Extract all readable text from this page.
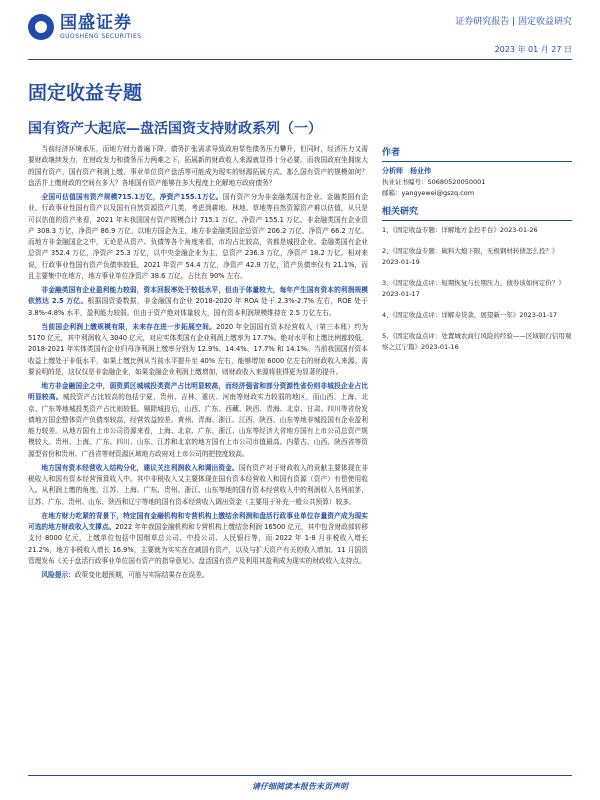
国盛证券
GUOSHENG SECURITIES
证券研究报告 | 固定收益研究
2023 年 01 月 27 日
固定收益专题
国有资产大起底—盘活国资支持财政系列（一）

当前经济环境承压，而地方财力普遍下降，债务扩张需求导致政府显性债务压力攀升，但同时，经济压力又需要财政继续发力，在财政发力和债务压力两难之下，拓展新的财政收入来源就显得十分必要。而我国政府坐拥庞大的国有资产，国有资产利润上缴、事业单位资产盘活等可能成为现实的财源拓展方式。那么国有资产的规模如何？盘活并上缴财政的空间有多大？各地国有资产能够在多大程度上化解地方政府债务？

全国可估值国有资产规模715.1万亿，净资产155.1万亿。国有资产分为非金融类国有企业、金融类国有企业、行政事业性国有资产以及国有自然资源资产几类，考虑到耕地、林地、草地等自然资源资产难以估值，从只是可以估值的资产来看，2021 年末我国国有资产规模合计 715.1 万亿，净资产 155.1 万亿。非金融类国有企业资产 308.3 万亿，净资产 86.9 万亿，以地方国企为主，地方非金融类国企总资产 206.2 万亿，净资产 66.2 万亿。而地方非金融国企之中，无论是从资产、负债等各个角度来看，市均占比较高，省都是城投企业。金融类国有企业总资产 352.4 万亿，净资产 25.3 万亿，以中央金融企业为主，总资产 236.3 万亿，净资产 18.2 万亿。相对来说，行政事业性国有资产负债率较低，2021 年资产 54.4 万亿，净资产 42.9 万亿，资产负债率仅有 21.1%，而且主要集中在地方，地方事业单位净资产 38.6 万亿，占比在 90% 左右。

非金融类国有企业盈利能力较弱，资本回报率处于较低水平，但由于体量较大，每年产生国有资本的利润规模依然达 2.5 万亿。根据国资委数据，非金融国有企业 2018-2020 年 ROA 处于 2.3%-2.7% 左右，ROE 处于 3.8%-4.8% 水平，盈利能力较弱。但由于资产绝对体量较大，国有资本利润规模维持在 2.5 万亿左右。

当前国企利润上缴规模有限，未来存在进一步拓展空间。2020 年全国国有资本经营收入（第三本账）约为 5170 亿元，其中利润收入 3040 亿元，对应实体类国有企业利润上缴率为 17.7%。绝对水平和上缴比例都较低。2018-2021 年实体类国有企业归母净利润上缴率分别为 12.9%、14.4%、17.7% 和 14.1%。当前我国国有资本收益上缴处于非低水平，如果上缴比例从当前水平提升至 40% 左右，能够增加 6000 亿左右的财政收入来源。需要说明的是，这仅仅是非金融企业，如果金融企业利润上缴增加，则财政收入来源将获得更为显著的提升。

地方非金融国企之中，弱资质区城城投类资产占比明显较高，而经济强省和部分资源性省份则非城投企业占比明显较高。城投资产占比较高的包括宁夏、贵州、吉林、重庆、河南等财政实力较弱的地区，而山西、上海、北京、广东等地城投类资产占比则较低。剔除城投后，山西、广东、西藏、陕西、青海、北京、甘肃、四川等省份发债地方国企整体资产负债率较高，经营效益较差。黄州、青海、浙江、江西、陕西、山东等地非城投国有企业盈利能力较差。从地方国有上市公司资源来看，上海、北京、广东、浙江、山东等经济大省地方国有上市公司总资产规模较大。贵州、上海、广东、四川、山东、江苏和北京的地方国有上市公司市值最高。内蒙古、山西、陕西省等资源型省份和贵州、广西省等财资源区域地方政府对上市公司的把控度较高。

地方国有资本经营收入结构分化，建议关注利润收入和调出资金。国有资产对于财政收入的贡献主要体现在非税收入和国有资本经营预算收入中。其中非税收入又主要体现在国有资本经营收入和国有资源（资产）有偿使用收入。从利润上缴的角度，江苏、上海、广东、贵州、浙江、山东等地的国有资本经营收入中的利润收入名列前茅，江苏、广东、贵州、山东、陕西和辽宁等地的国有资本经营收入调出资金（主要用于补充一般公共预算）较多。

在地方财力吃紧的背景下，特定国有金融机构和专营机构上缴结余利润和盘活行政事业单位存量资产成为现实可选的地方财政收入支撑点。2022 年年我国金融机构和专营机构上缴结余利润 16500 亿元，其中包含财政部转移支付 8000 亿元，上缴单位包括中国烟草总公司、中投公司、人民银行等，而 2022 年 1-8 月非税收入增长 21.2%，地方非税收入增长 16.9%，主要就为实实在在减国有资产，以及与扩大资产有关的收入增加。11 月国资管理发布《关于盘活行政事业单位国有资产的指导意见》。盘活国有资产及利用其盈利成为现实的财政收入支持点。

风险提示：政策变化超预期，可能与实际结果存在误差。

作者
分析师　杨业伟
执业证书编号：S0680520050001
邮箱：yangyewei@gszq.com
相关研究
1、《固定收益专题：详解地方金控平台》2023-01-26
2、《固定收益专题：破料大炮下限，无极钢材转债怎么投？》2023-01-19
3、《固定收益点评：短期恢复与长期压力，债券该如何定价？》2023-01-17
4、《固定收益点评：详解寿贷款，展望新一年》2023-01-17
5、《固定收益点评：处置城农商行风险的经验——区域银行信用观察之辽宁篇》2023-01-16
请仔细阅读本报告末页声明
